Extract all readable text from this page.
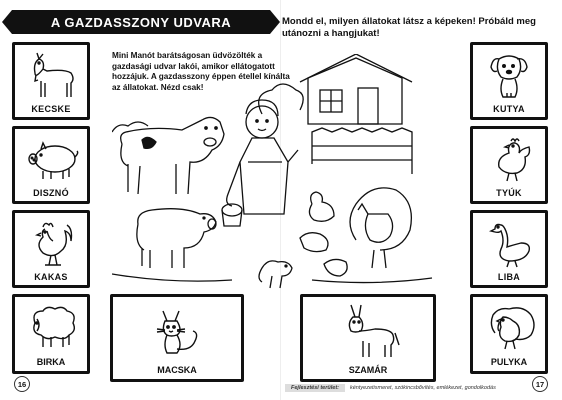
A GAZDASSZONY UDVARA	Mondd el, milyen állatokat látsz a képeken! Próbáld meg utánozni a hangjukat!
Mini Manót barátságosan üdvözölték a gazdasági udvar lakói, amikor ellátogatott hozzájuk. A gazdasszony éppen étellel kínálta az állatokat. Nézd csak!
KECSKE
DISZNÓ
KAKAS
BIRKA
MACSKA	SZAMÁR
KUTYA
TYÚK
LIBA
PULYKA
16	17
Fejlesztési terület:	kéntyezetismeret, szókincsbővítés, emlékezet, gondolkodás
